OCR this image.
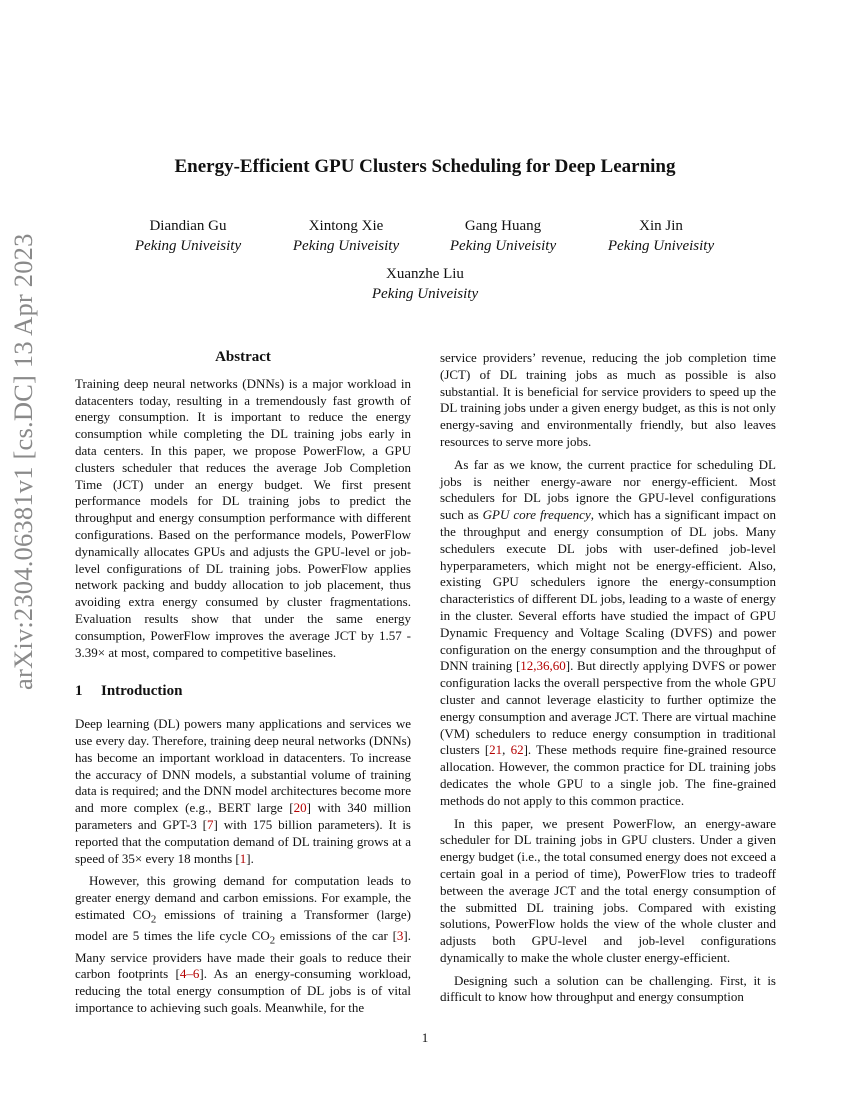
arXiv:2304.06381v1 [cs.DC] 13 Apr 2023
Energy-Efficient GPU Clusters Scheduling for Deep Learning
Diandian Gu
Peking Univeisity
Xintong Xie
Peking Univeisity
Gang Huang
Peking Univeisity
Xin Jin
Peking Univeisity
Xuanzhe Liu
Peking Univeisity
Abstract

Training deep neural networks (DNNs) is a major workload in datacenters today, resulting in a tremendously fast growth of energy consumption. It is important to reduce the energy consumption while completing the DL training jobs early in data centers. In this paper, we propose PowerFlow, a GPU clusters scheduler that reduces the average Job Completion Time (JCT) under an energy budget. We first present performance models for DL training jobs to predict the throughput and energy consumption performance with different configurations. Based on the performance models, PowerFlow dynamically allocates GPUs and adjusts the GPU-level or job-level configurations of DL training jobs. PowerFlow applies network packing and buddy allocation to job placement, thus avoiding extra energy consumed by cluster fragmentations. Evaluation results show that under the same energy consumption, PowerFlow improves the average JCT by 1.57 - 3.39× at most, compared to competitive baselines.

1 Introduction

Deep learning (DL) powers many applications and services we use every day. Therefore, training deep neural networks (DNNs) has become an important workload in datacenters. To increase the accuracy of DNN models, a substantial volume of training data is required; and the DNN model architectures become more and more complex (e.g., BERT large [20] with 340 million parameters and GPT-3 [7] with 175 billion parameters). It is reported that the computation demand of DL training grows at a speed of 35× every 18 months [1].

However, this growing demand for computation leads to greater energy demand and carbon emissions. For example, the estimated $CO_2$ emissions of training a Transformer (large) model are 5 times the life cycle $CO_2$ emissions of the car [3]. Many service providers have made their goals to reduce their carbon footprints [4–6]. As an energy-consuming workload, reducing the total energy consumption of DL jobs is of vital importance to achieving such goals. Meanwhile, for the

service providers’ revenue, reducing the job completion time (JCT) of DL training jobs as much as possible is also substantial. It is beneficial for service providers to speed up the DL training jobs under a given energy budget, as this is not only energy-saving and environmentally friendly, but also leaves resources to serve more jobs.

As far as we know, the current practice for scheduling DL jobs is neither energy-aware nor energy-efficient. Most schedulers for DL jobs ignore the GPU-level configurations such as GPU core frequency, which has a significant impact on the throughput and energy consumption of DL jobs. Many schedulers execute DL jobs with user-defined job-level hyperparameters, which might not be energy-efficient. Also, existing GPU schedulers ignore the energy-consumption characteristics of different DL jobs, leading to a waste of energy in the cluster. Several efforts have studied the impact of GPU Dynamic Frequency and Voltage Scaling (DVFS) and power configuration on the energy consumption and the throughput of DNN training [12,36,60]. But directly applying DVFS or power configuration lacks the overall perspective from the whole GPU cluster and cannot leverage elasticity to further optimize the energy consumption and average JCT. There are virtual machine (VM) schedulers to reduce energy consumption in traditional clusters [21, 62]. These methods require fine-grained resource allocation. However, the common practice for DL training jobs dedicates the whole GPU to a single job. The fine-grained methods do not apply to this common practice.

In this paper, we present PowerFlow, an energy-aware scheduler for DL training jobs in GPU clusters. Under a given energy budget (i.e., the total consumed energy does not exceed a certain goal in a period of time), PowerFlow tries to tradeoff between the average JCT and the total energy consumption of the submitted DL training jobs. Compared with existing solutions, PowerFlow holds the view of the whole cluster and adjusts both GPU-level and job-level configurations dynamically to make the whole cluster energy-efficient.

Designing such a solution can be challenging. First, it is difficult to know how throughput and energy consumption

1
